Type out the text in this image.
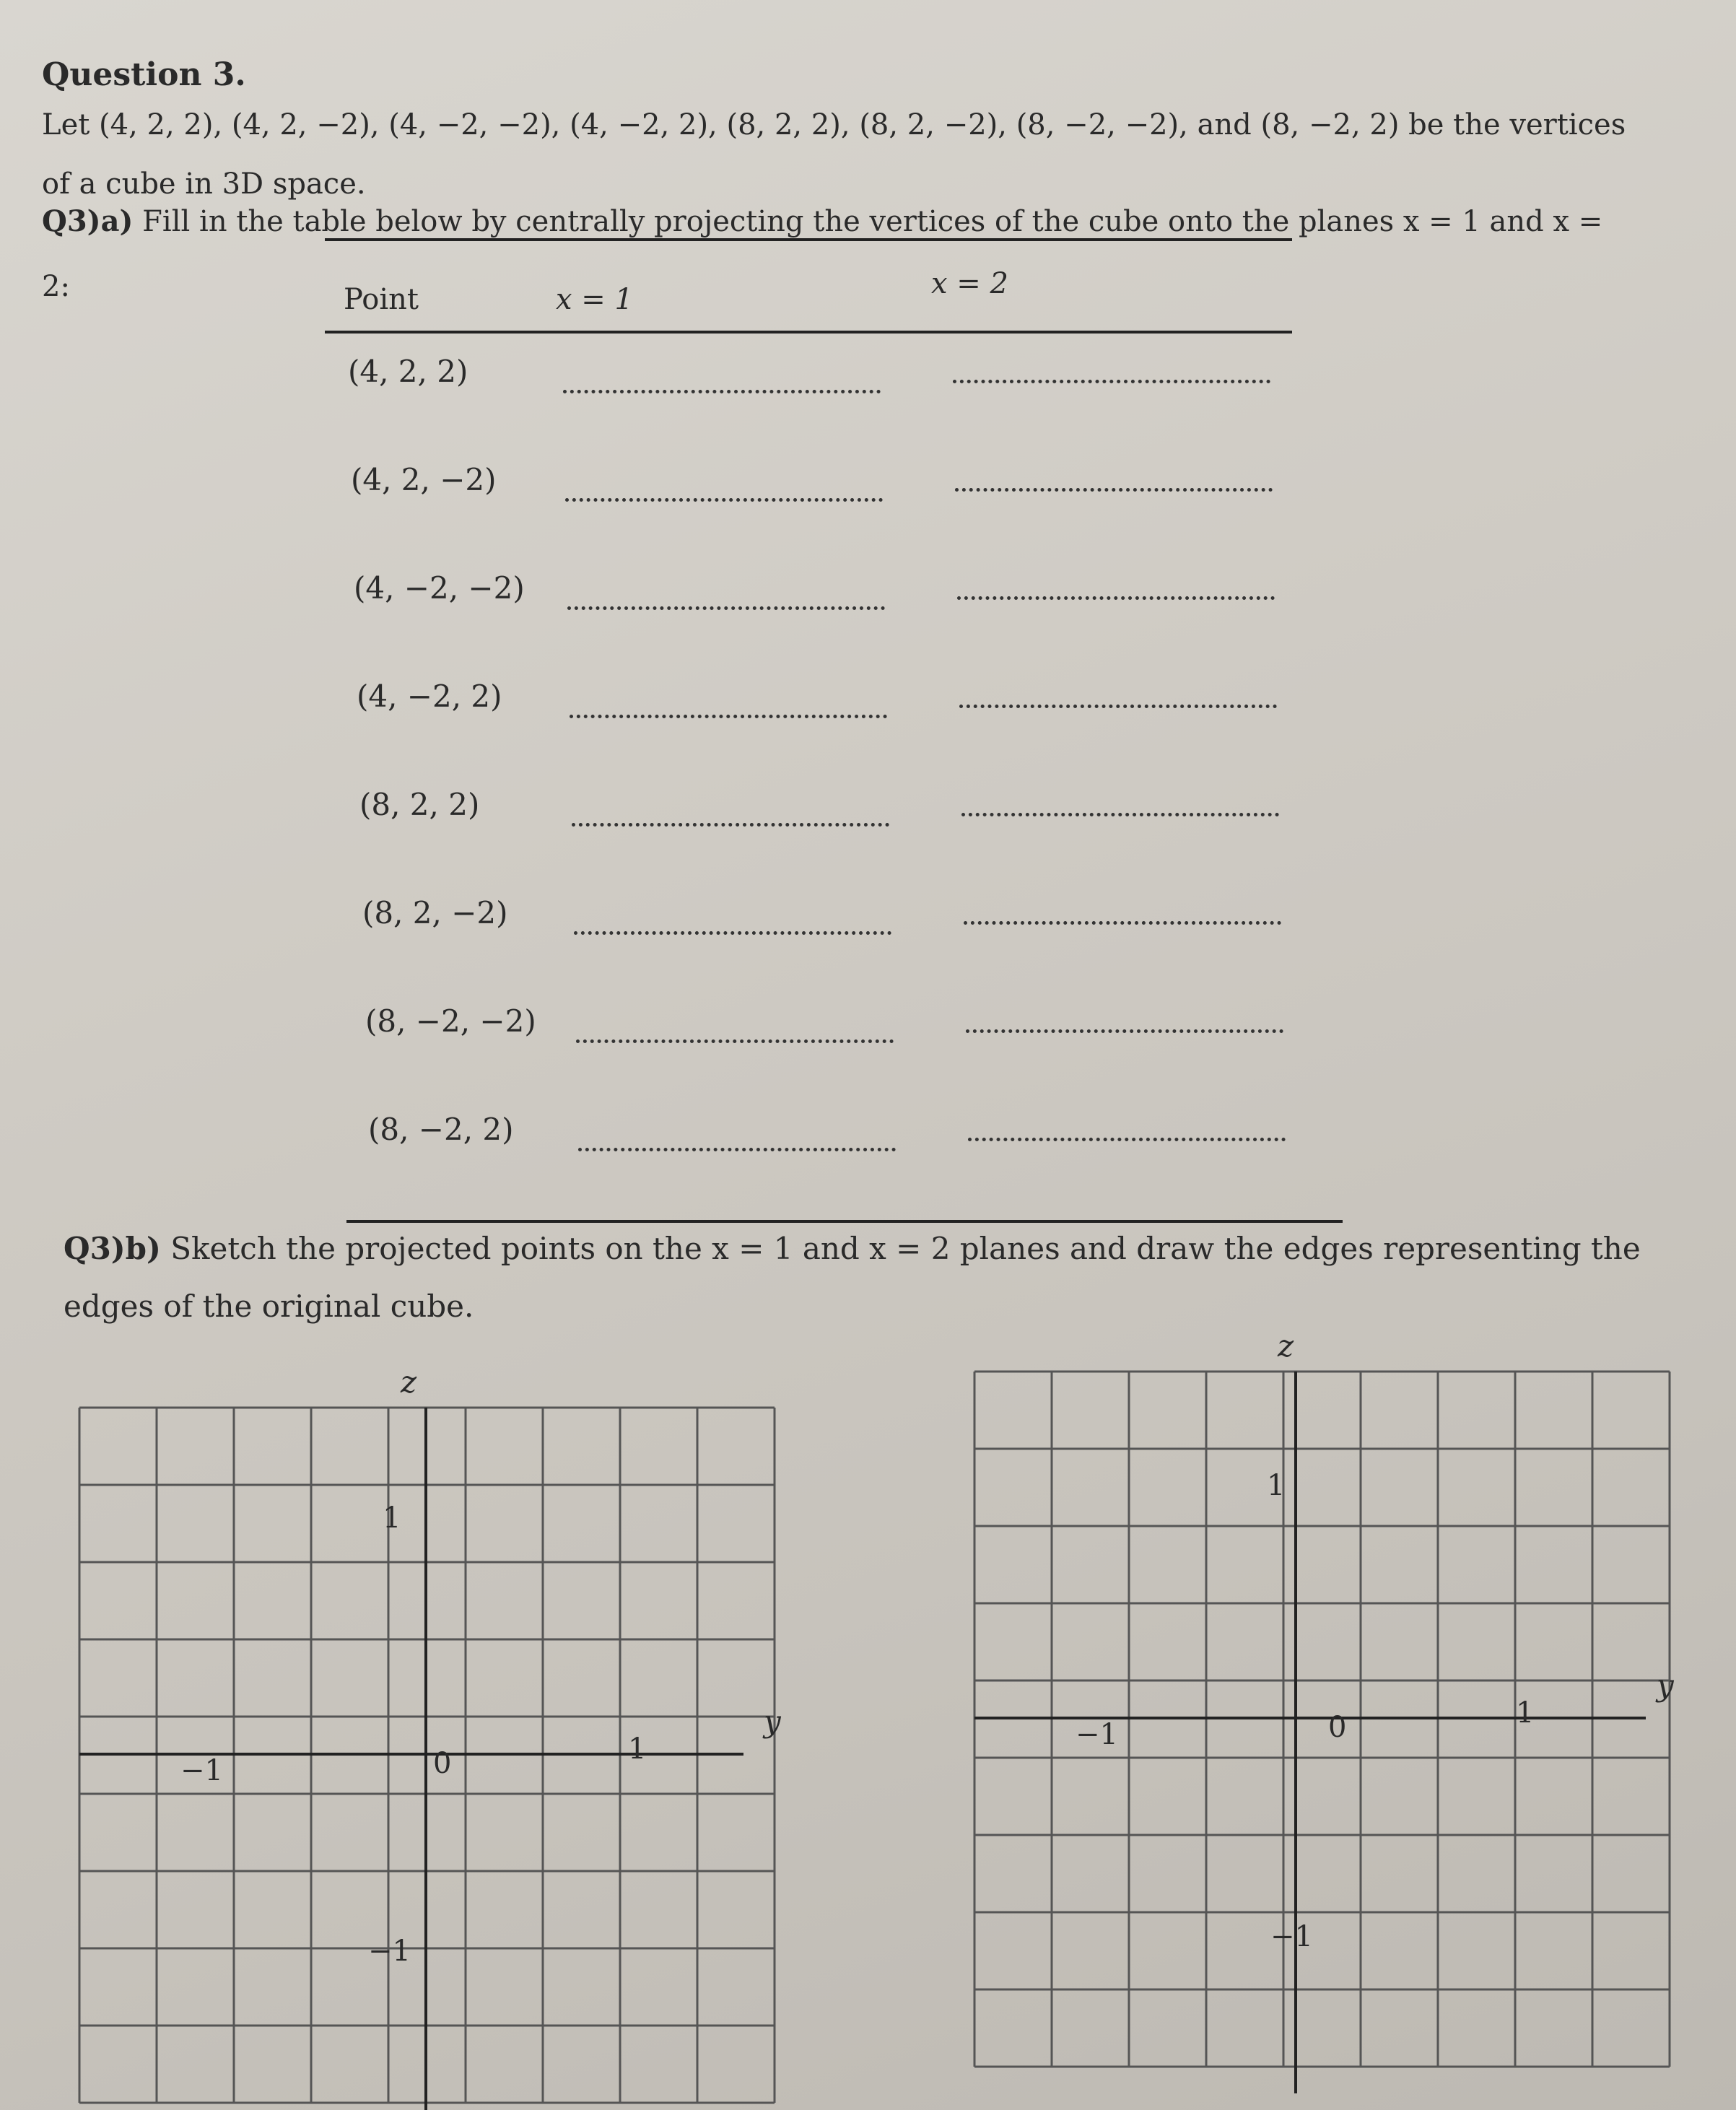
Question 3.
Let (4, 2, 2), (4, 2, −2), (4, −2, −2), (4, −2, 2), (8, 2, 2), (8, 2, −2), (8, −2, −2), and (8, −2, 2) be the vertices of a cube in 3D space.
Q3)a) Fill in the table below by centrally projecting the vertices of the cube onto the planes x = 1 and x = 2:	Point	x = 1	x = 2
(4, 2, 2)
(4, 2, −2)
(4, −2, −2)
(4, −2, 2)
(8, 2, 2)
(8, 2, −2)
(8, −2, −2)
(8, −2, 2)
Q3)b) Sketch the projected points on the x = 1 and x = 2 planes and draw the edges representing the edges of the original cube.
z
y
1
−1
−1
1
0
z
y
1
−1
−1
1
0
